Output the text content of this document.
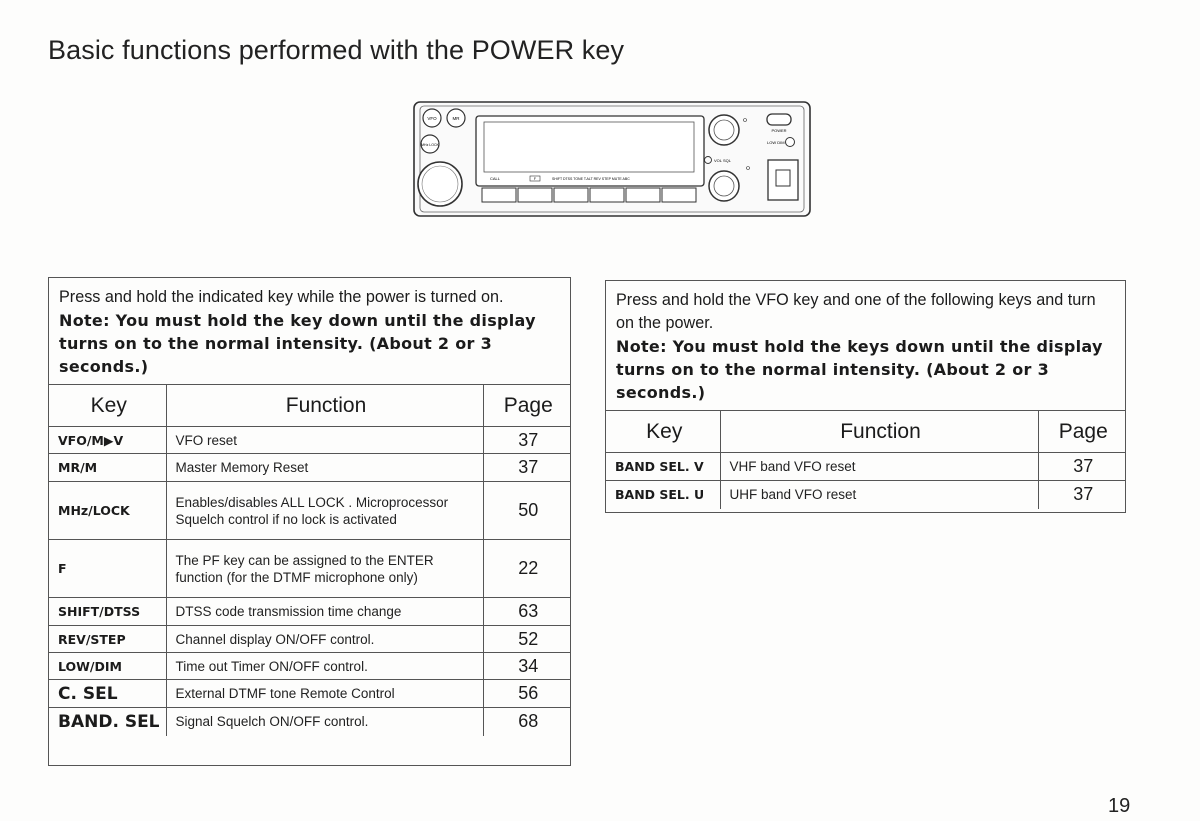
Basic functions performed with the POWER key
VFO	MR
MHz LOCK
CALL	F	SHIFT DTSS TONE T.ALT REV STEP MUTE ABC
VOL SQL
POWER
LOW DIM
Press and hold the indicated key while the power is turned on.
Note: You must hold the key down until the display turns on to the normal intensity. (About 2 or 3 seconds.)
Key	Function	Page
VFO/M▶V	VFO reset	37
MR/M	Master Memory Reset	37
MHz/LOCK	Enables/disables ALL LOCK . Microprocessor Squelch control if no lock is activated	50
F	The PF key can be assigned to the ENTER function (for the DTMF microphone only)	22
SHIFT/DTSS	DTSS code transmission time change	63
REV/STEP	Channel display ON/OFF control.	52
LOW/DIM	Time out Timer ON/OFF control.	34
C. SEL	External DTMF tone Remote Control	56
BAND. SEL	Signal Squelch ON/OFF control.	68
Press and hold the VFO key and one of the following keys and turn on the power.
Note: You must hold the keys down until the display turns on to the normal intensity. (About 2 or 3 seconds.)
Key	Function	Page
BAND SEL. V	VHF band VFO reset	37
BAND SEL. U	UHF band VFO reset	37
19
